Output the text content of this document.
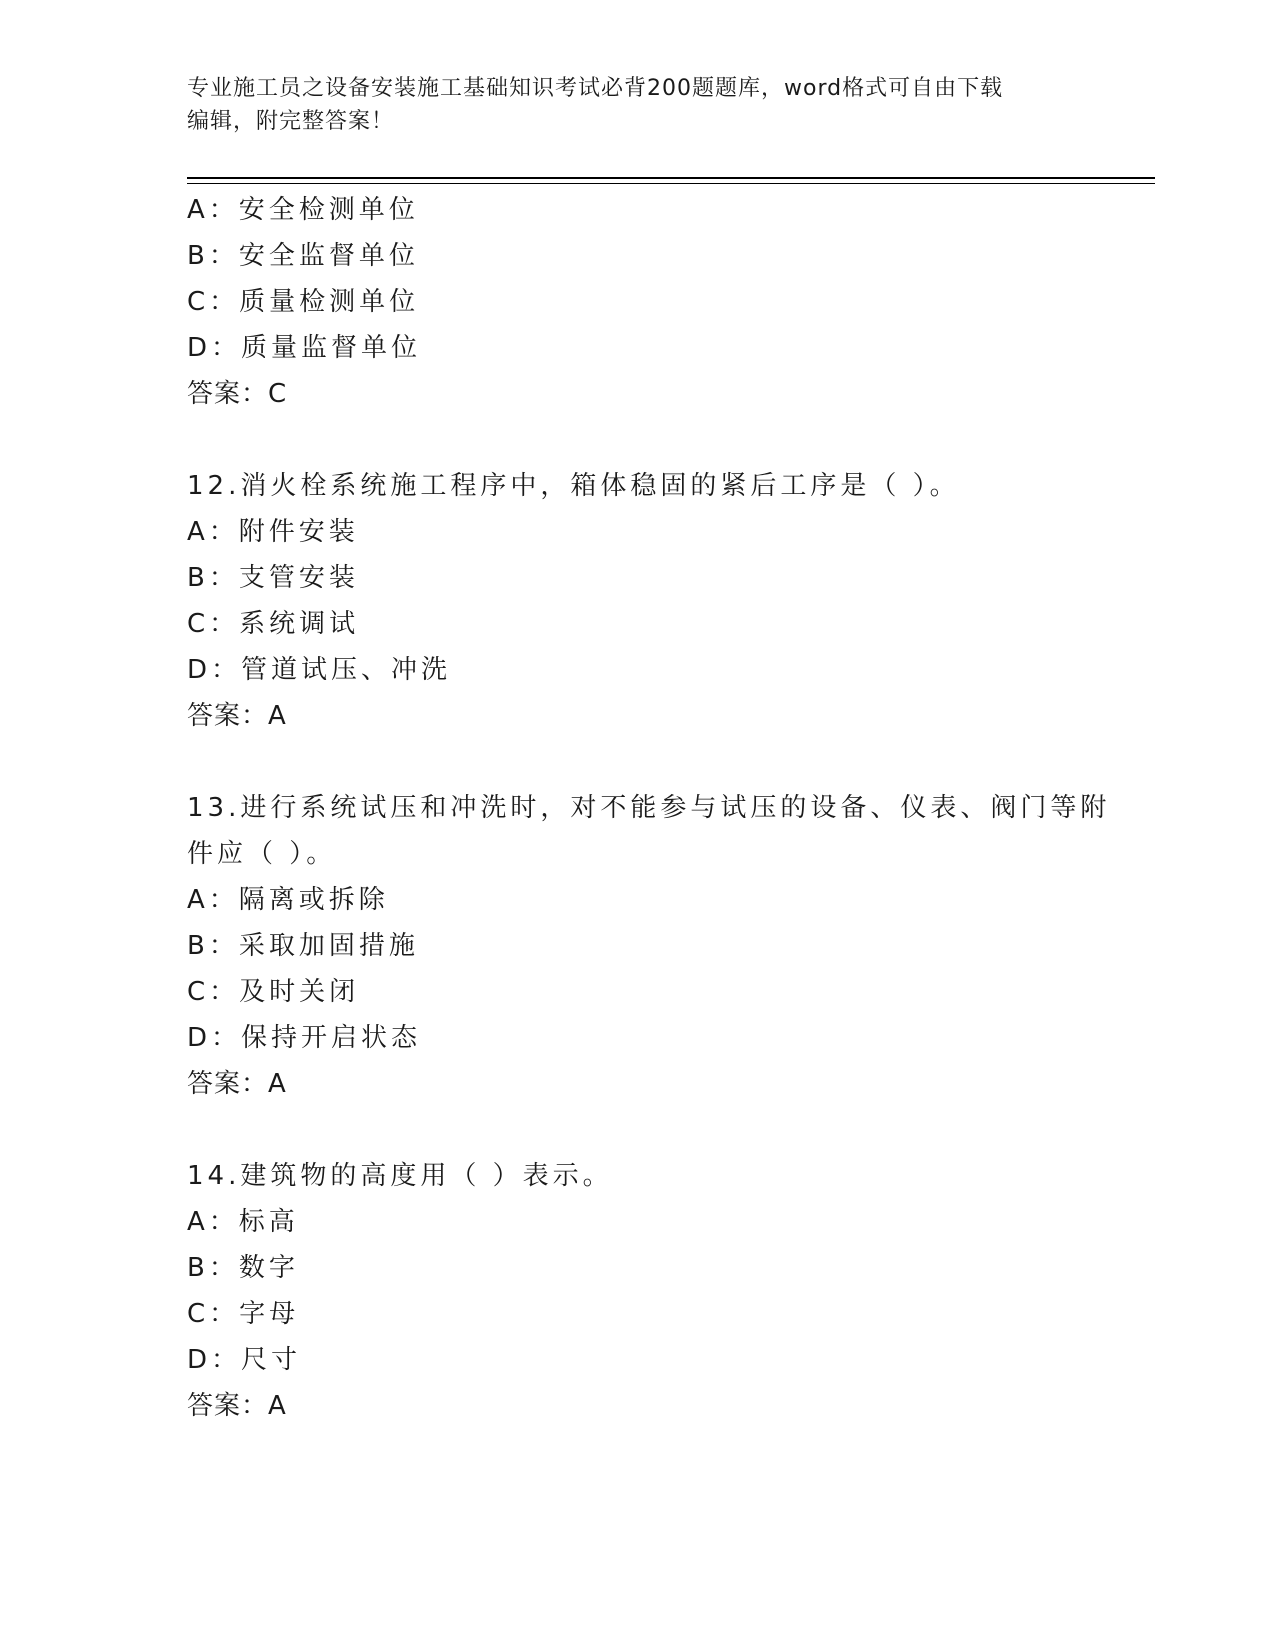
专业施工员之设备安装施工基础知识考试必背200题题库，word格式可自由下载
编辑，附完整答案！
A：安全检测单位
B：安全监督单位
C：质量检测单位
D：质量监督单位
答案：C
12.消火栓系统施工程序中，箱体稳固的紧后工序是（ ）。
A：附件安装
B：支管安装
C：系统调试
D：管道试压、冲洗
答案：A
13.进行系统试压和冲洗时，对不能参与试压的设备、仪表、阀门等附
件应（ ）。
A：隔离或拆除
B：采取加固措施
C：及时关闭
D：保持开启状态
答案：A
14.建筑物的高度用（ ）表示。
A：标高
B：数字
C：字母
D：尺寸
答案：A
